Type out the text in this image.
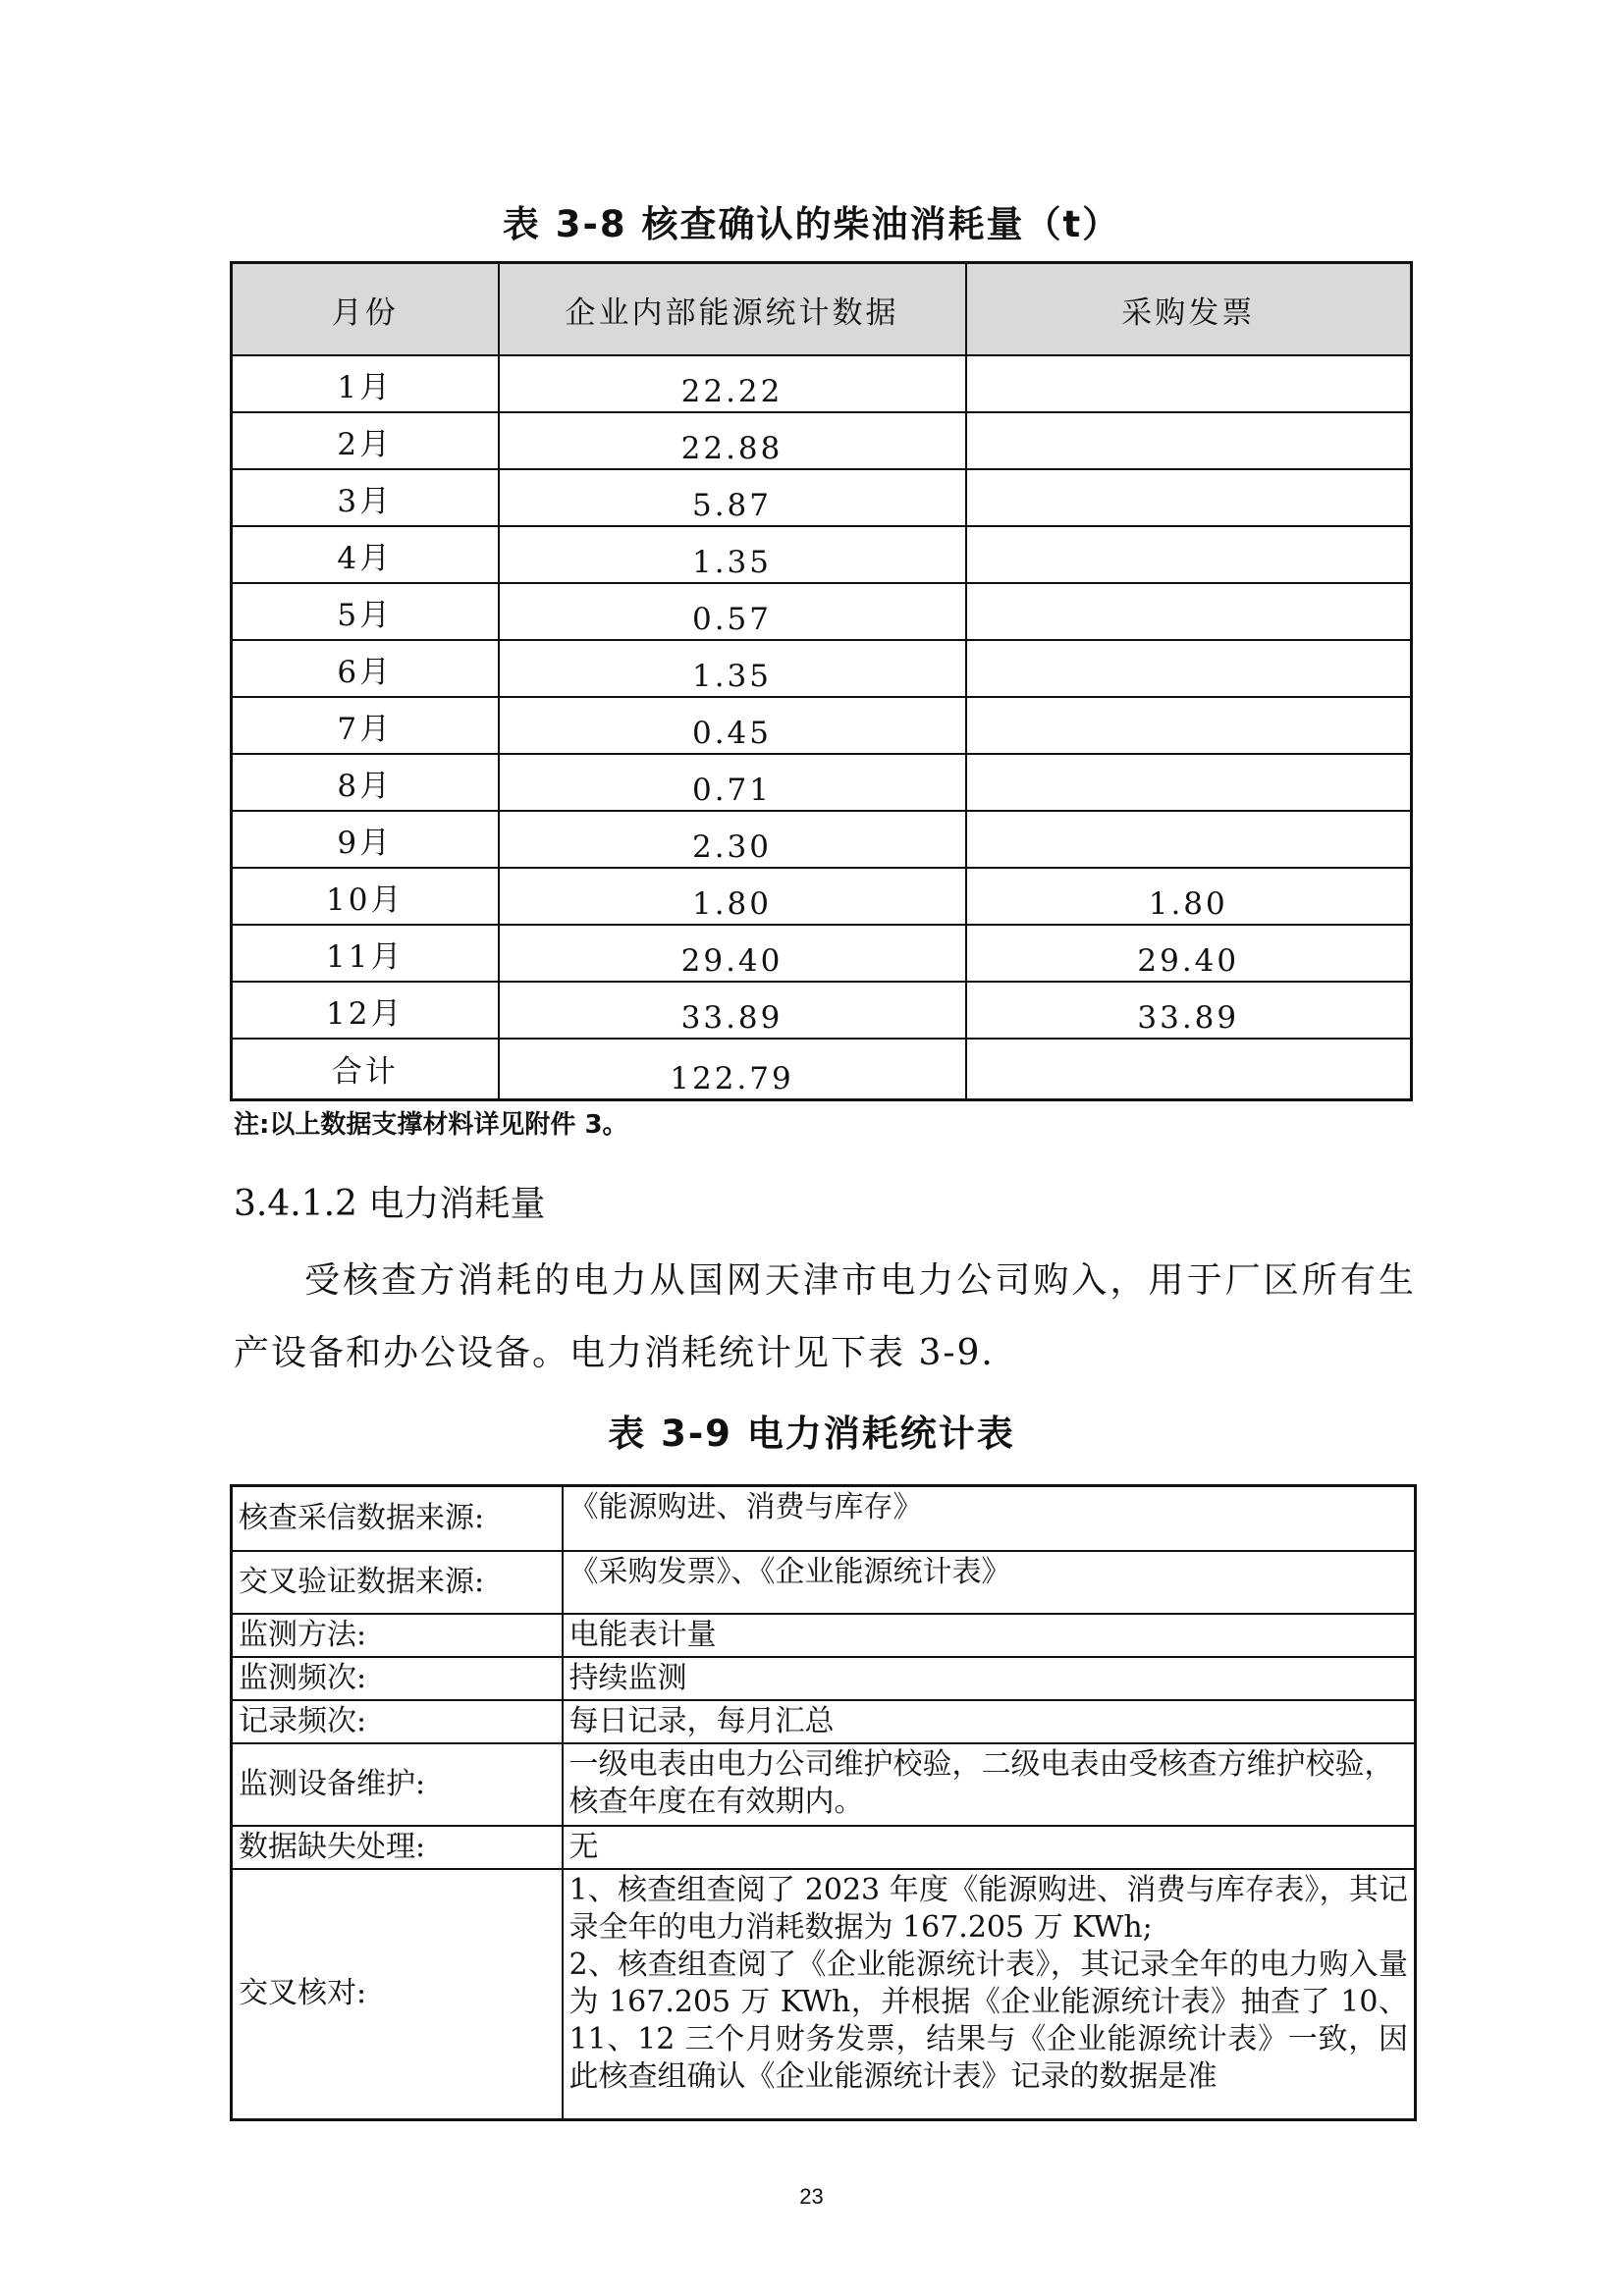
表 3-8 核查确认的柴油消耗量（t）
月份	企业内部能源统计数据	采购发票
1月	22.22	
2月	22.88	
3月	5.87	
4月	1.35	
5月	0.57	
6月	1.35	
7月	0.45	
8月	0.71	
9月	2.30	
10月	1.80	1.80
11月	29.40	29.40
12月	33.89	33.89
合计	122.79	
注:以上数据支撑材料详见附件 3。
3.4.1.2 电力消耗量
受核查方消耗的电力从国网天津市电力公司购入，用于厂区所有生产设备和办公设备。电力消耗统计见下表 3-9.
表 3-9 电力消耗统计表
核查采信数据来源:	《能源购进、消费与库存》
交叉验证数据来源:	《采购发票》、《企业能源统计表》
监测方法:	电能表计量
监测频次:	持续监测
记录频次:	每日记录，每月汇总
监测设备维护:	一级电表由电力公司维护校验，二级电表由受核查方维护校验，核查年度在有效期内。
数据缺失处理:	无
交叉核对:	1、核查组查阅了 2023 年度《能源购进、消费与库存表》，其记录全年的电力消耗数据为 167.205 万 KWh;
2、核查组查阅了《企业能源统计表》，其记录全年的电力购入量为 167.205 万 KWh，并根据《企业能源统计表》抽查了 10、11、12 三个月财务发票，结果与《企业能源统计表》一致，因此核查组确认《企业能源统计表》记录的数据是准
23
